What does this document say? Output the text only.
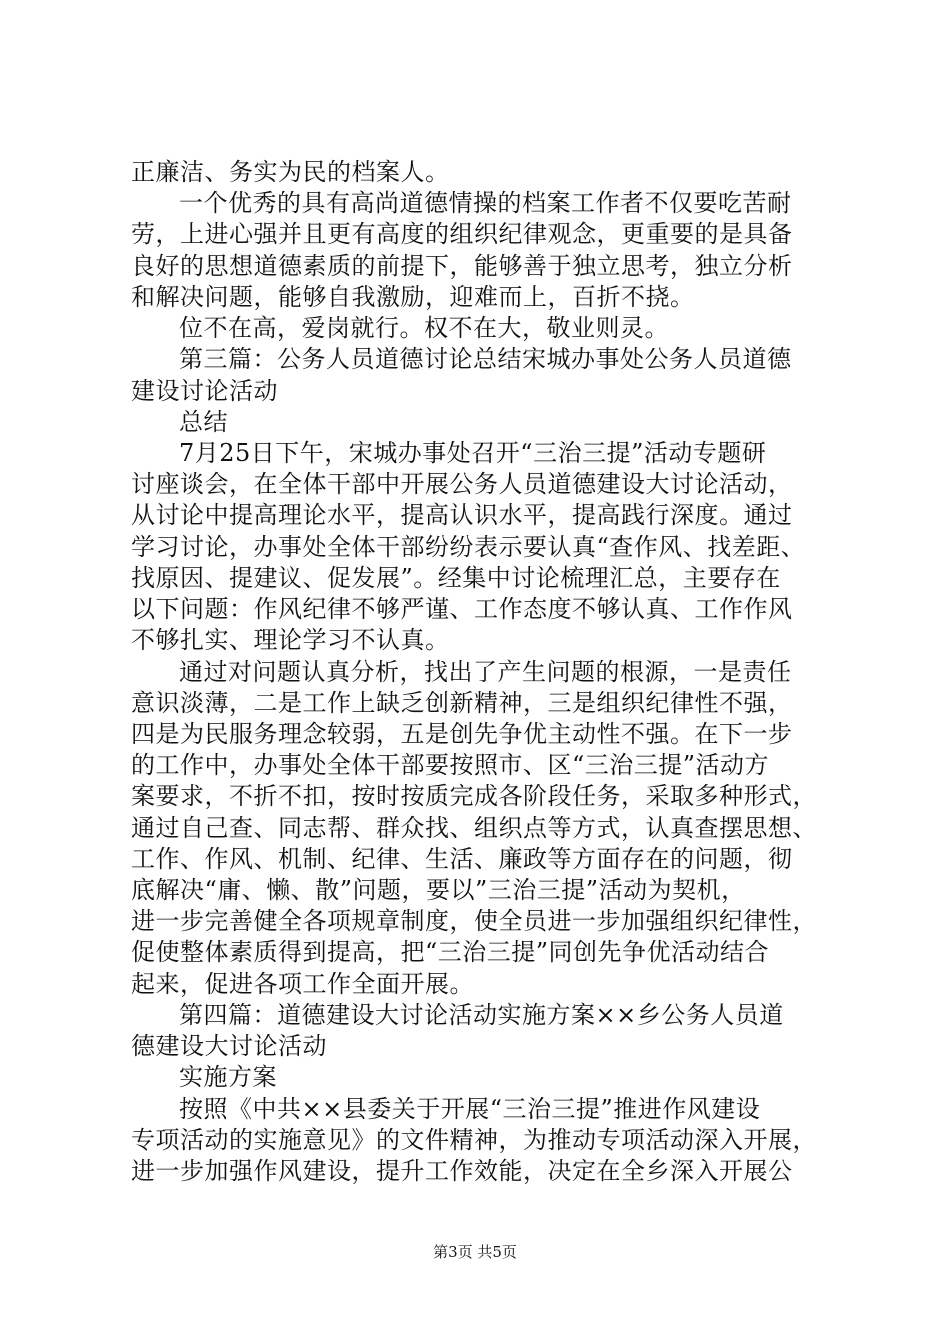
正廉洁、务实为民的档案人。
一个优秀的具有高尚道德情操的档案工作者不仅要吃苦耐
劳，上进心强并且更有高度的组织纪律观念，更重要的是具备
良好的思想道德素质的前提下，能够善于独立思考，独立分析
和解决问题，能够自我激励，迎难而上，百折不挠。
位不在高，爱岗就行。权不在大，敬业则灵。
第三篇：公务人员道德讨论总结宋城办事处公务人员道德
建设讨论活动
总结
7月25日下午，宋城办事处召开“三治三提”活动专题研
讨座谈会，在全体干部中开展公务人员道德建设大讨论活动，
从讨论中提高理论水平，提高认识水平，提高践行深度。通过
学习讨论，办事处全体干部纷纷表示要认真“查作风、找差距、
找原因、提建议、促发展”。经集中讨论梳理汇总，主要存在
以下问题：作风纪律不够严谨、工作态度不够认真、工作作风
不够扎实、理论学习不认真。
通过对问题认真分析，找出了产生问题的根源，一是责任
意识淡薄，二是工作上缺乏创新精神，三是组织纪律性不强，
四是为民服务理念较弱，五是创先争优主动性不强。在下一步
的工作中，办事处全体干部要按照市、区“三治三提”活动方
案要求，不折不扣，按时按质完成各阶段任务，采取多种形式，
通过自己查、同志帮、群众找、组织点等方式，认真查摆思想、
工作、作风、机制、纪律、生活、廉政等方面存在的问题，彻
底解决“庸、懒、散”问题，要以”三治三提”活动为契机，
进一步完善健全各项规章制度，使全员进一步加强组织纪律性，
促使整体素质得到提高，把“三治三提”同创先争优活动结合
起来，促进各项工作全面开展。
第四篇：道德建设大讨论活动实施方案××乡公务人员道
德建设大讨论活动
实施方案
按照《中共××县委关于开展“三治三提”推进作风建设
专项活动的实施意见》的文件精神，为推动专项活动深入开展，
进一步加强作风建设，提升工作效能，决定在全乡深入开展公
第3页 共5页
